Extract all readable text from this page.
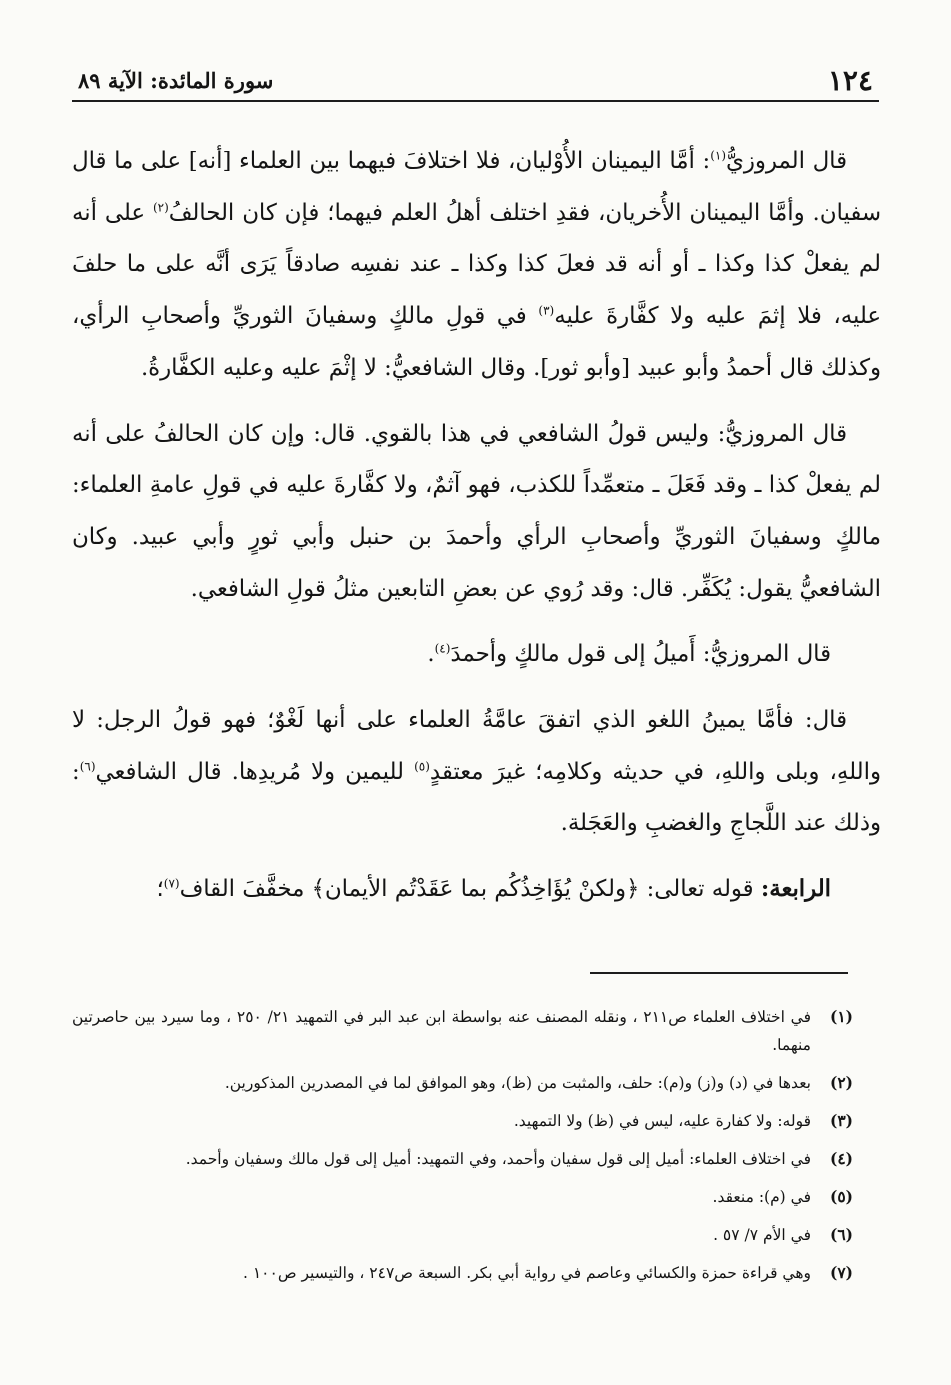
١٢٤
سورة المائدة: الآية ٨٩

قال المروزيُّ$^{(١)}$: أمَّا اليمينان الأُوْليان، فلا اختلافَ فيهما بين العلماء [أنه] على ما قال سفيان. وأمَّا اليمينان الأُخريان، فقدِ اختلف أهلُ العلم فيهما؛ فإن كان الحالفُ$^{(٢)}$ على أنه لم يفعلْ كذا وكذا ـ أو أنه قد فعلَ كذا وكذا ـ عند نفسِه صادقاً يَرَى أنَّه على ما حلفَ عليه، فلا إثمَ عليه ولا كفَّارةَ عليه$^{(٣)}$ في قولِ مالكٍ وسفيانَ الثوريِّ وأصحابِ الرأي، وكذلك قال أحمدُ وأبو عبيد [وأبو ثور]. وقال الشافعيُّ: لا إثْمَ عليه وعليه الكفَّارةُ.

قال المروزيُّ: وليس قولُ الشافعي في هذا بالقوي. قال: وإن كان الحالفُ على أنه لم يفعلْ كذا ـ وقد فَعَلَ ـ متعمِّداً للكذب، فهو آثمٌ، ولا كفَّارةَ عليه في قولِ عامةِ العلماء: مالكٍ وسفيانَ الثوريِّ وأصحابِ الرأي وأحمدَ بن حنبل وأبي ثورٍ وأبي عبيد. وكان الشافعيُّ يقول: يُكَفِّر. قال: وقد رُوي عن بعضِ التابعين مثلُ قولِ الشافعي.

قال المروزيُّ: أَميلُ إلى قول مالكٍ وأحمدَ$^{(٤)}$.

قال: فأمَّا يمينُ اللغو الذي اتفقَ عامَّةُ العلماء على أنها لَغْوٌ؛ فهو قولُ الرجل: لا واللهِ، وبلى واللهِ، في حديثه وكلامِه؛ غيرَ معتقدٍ$^{(٥)}$ لليمين ولا مُريدِها. قال الشافعي$^{(٦)}$: وذلك عند اللَّجاجِ والغضبِ والعَجَلة.

الرابعة: قوله تعالى: ﴿ولكنْ يُؤَاخِذُكُم بما عَقَدْتُم الأيمان﴾ مخفَّفَ القاف$^{(٧)}$؛

(١)
في اختلاف العلماء ص٢١١ ، ونقله المصنف عنه بواسطة ابن عبد البر في التمهيد ٢١/ ٢٥٠ ، وما سيرد بين حاصرتين منهما.

(٢)
بعدها في (د) و(ز) و(م): حلف، والمثبت من (ظ)، وهو الموافق لما في المصدرين المذكورين.

(٣)
قوله: ولا كفارة عليه، ليس في (ظ) ولا التمهيد.

(٤)
في اختلاف العلماء: أميل إلى قول سفيان وأحمد، وفي التمهيد: أميل إلى قول مالك وسفيان وأحمد.

(٥)
في (م): منعقد.

(٦)
في الأم ٧/ ٥٧ .

(٧)
وهي قراءة حمزة والكسائي وعاصم في رواية أبي بكر. السبعة ص٢٤٧ ، والتيسير ص١٠٠ .
